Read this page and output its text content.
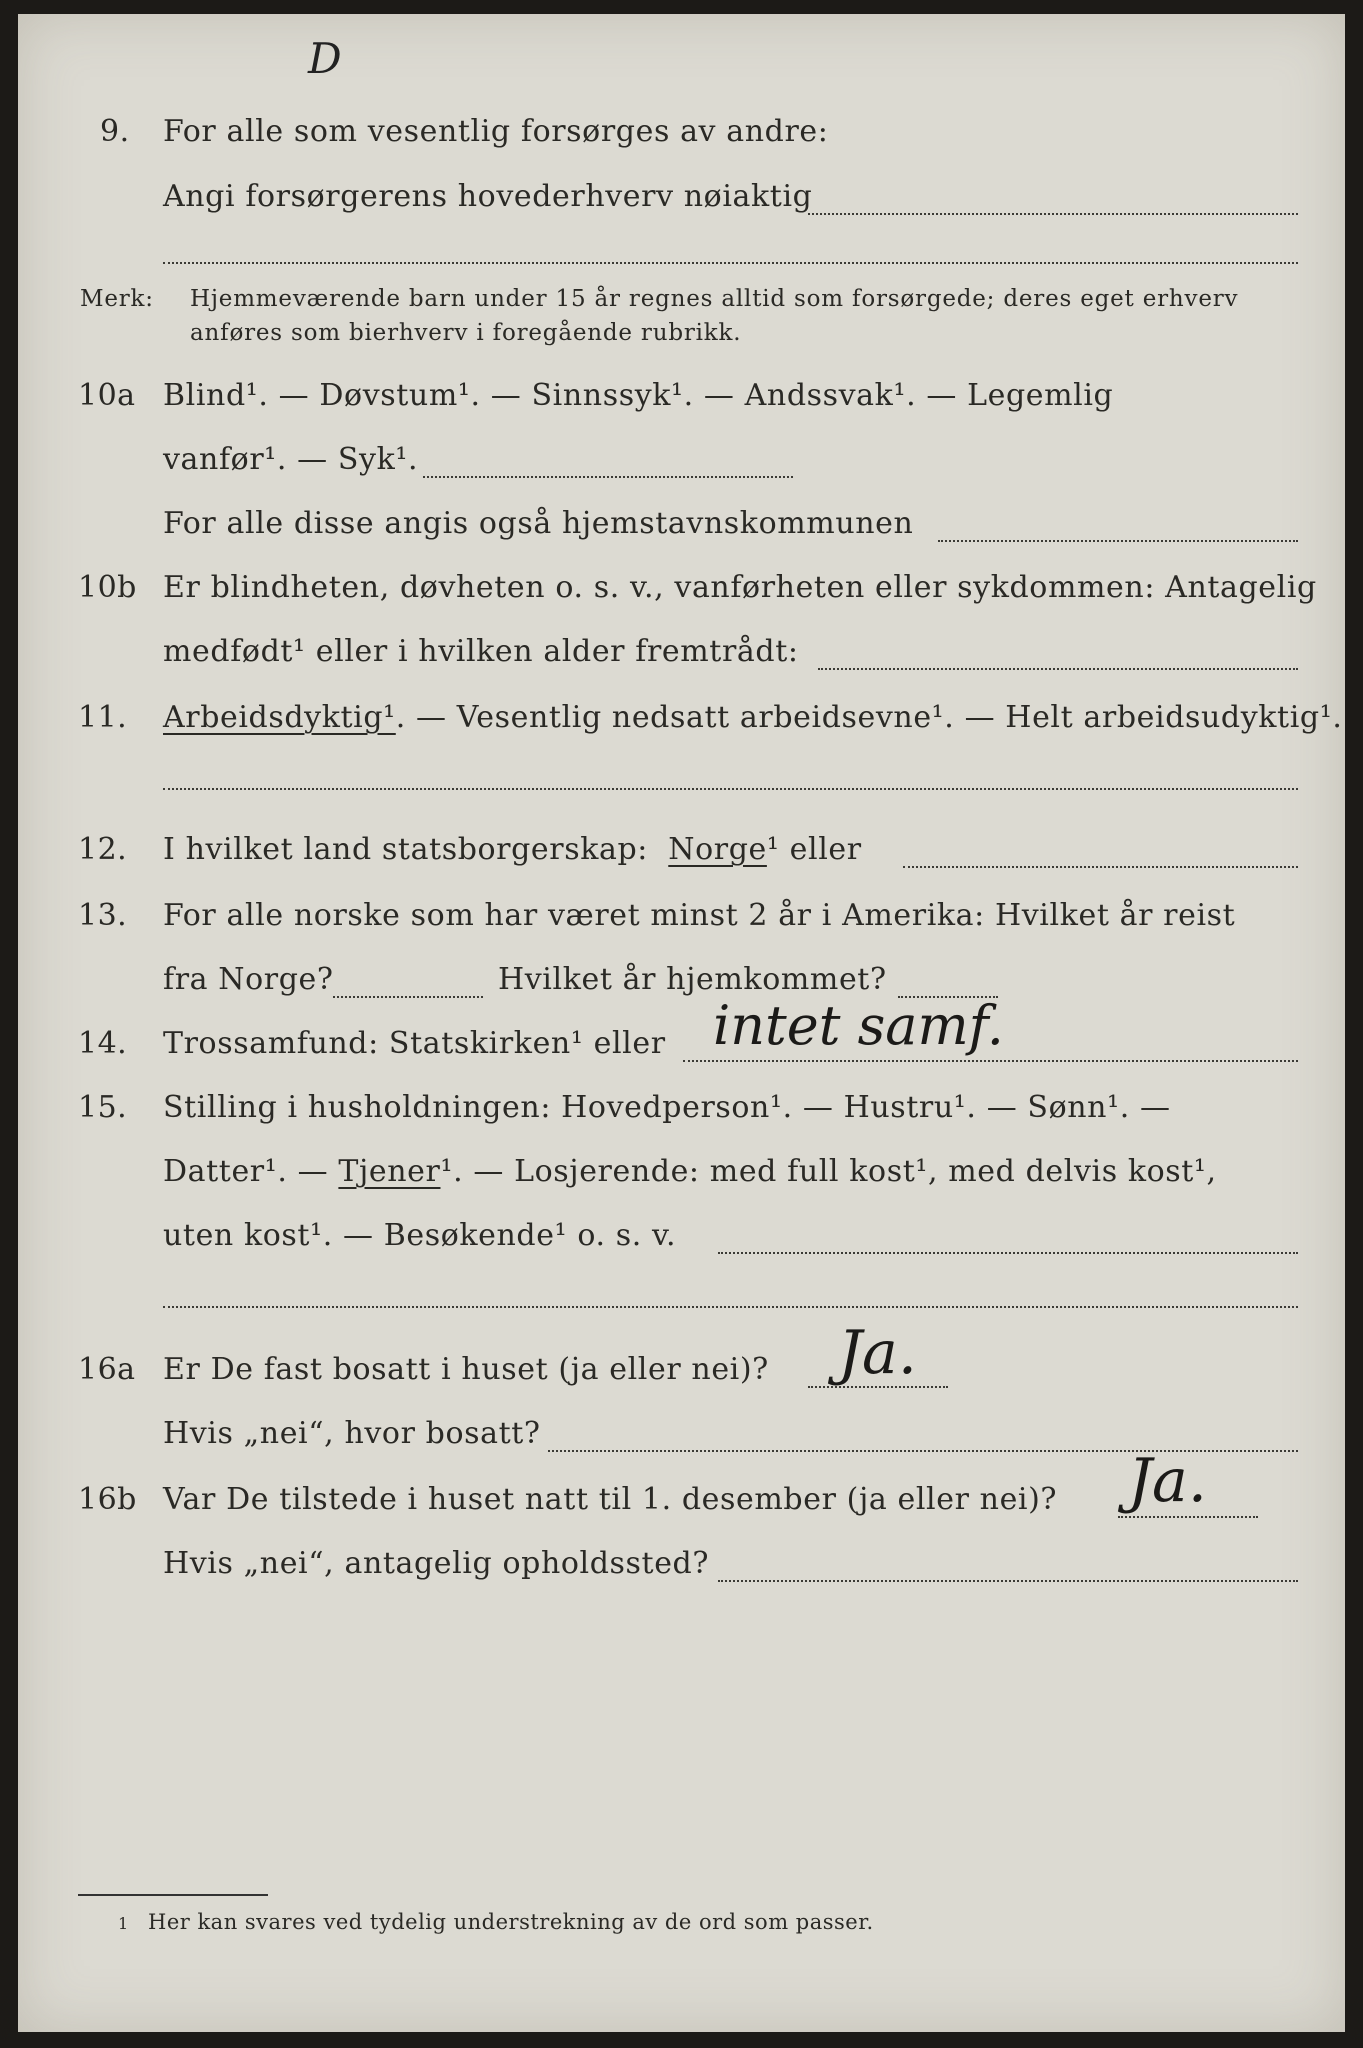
D
9. For alle som vesentlig forsørges av andre:
Angi forsørgerens hovederhverv nøiaktig
Merk: Hjemmeværende barn under 15 år regnes alltid som forsørgede; deres eget erhverv
anføres som bierhverv i foregående rubrikk.
10a Blind¹. — Døvstum¹. — Sinnssyk¹. — Andssvak¹. — Legemlig
vanfør¹. — Syk¹.
For alle disse angis også hjemstavnskommunen
10b Er blindheten, døvheten o. s. v., vanførheten eller sykdommen: Antagelig
medfødt¹ eller i hvilken alder fremtrådt:
11. Arbeidsdyktig¹. — Vesentlig nedsatt arbeidsevne¹. — Helt arbeidsudyktig¹.
12. I hvilket land statsborgerskap: Norge¹ eller
13. For alle norske som har været minst 2 år i Amerika: Hvilket år reist
fra Norge?	Hvilket år hjemkommet?
14. Trossamfund: Statskirken¹ eller intet samf.
15. Stilling i husholdningen: Hovedperson¹. — Hustru¹. — Sønn¹. —
Datter¹. — Tjener¹. — Losjerende: med full kost¹, med delvis kost¹,
uten kost¹. — Besøkende¹ o. s. v.
16a Er De fast bosatt i huset (ja eller nei)? Ja.
Hvis „nei“, hvor bosatt?
16b Var De tilstede i huset natt til 1. desember (ja eller nei)? Ja.
Hvis „nei“, antagelig opholdssted?
1 Her kan svares ved tydelig understrekning av de ord som passer.
